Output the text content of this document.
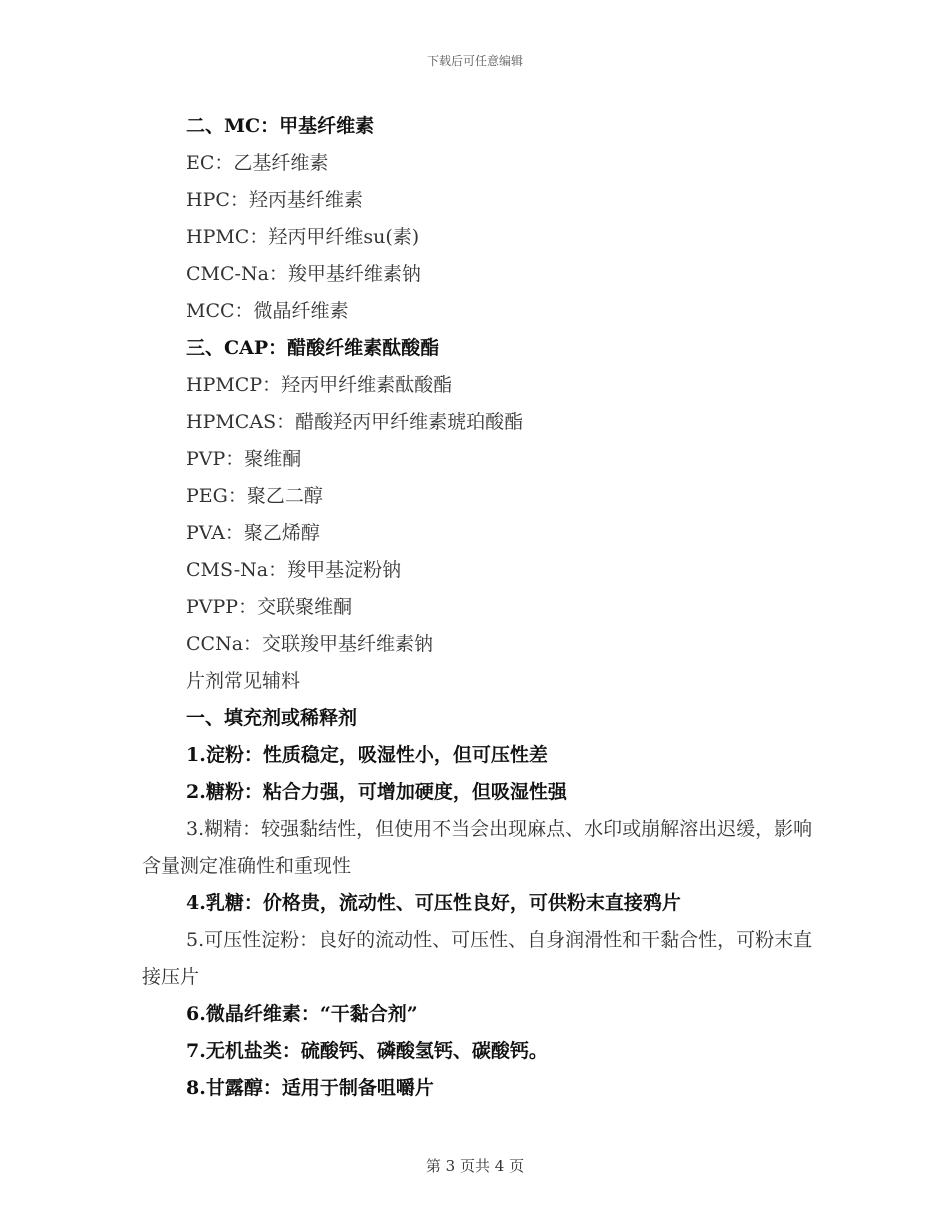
下载后可任意编辑
二、MC：甲基纤维素
EC：乙基纤维素
HPC：羟丙基纤维素
HPMC：羟丙甲纤维su(素)
CMC-Na：羧甲基纤维素钠
MCC：微晶纤维素
三、CAP：醋酸纤维素酞酸酯
HPMCP：羟丙甲纤维素酞酸酯
HPMCAS：醋酸羟丙甲纤维素琥珀酸酯
PVP：聚维酮
PEG：聚乙二醇
PVA：聚乙烯醇
CMS-Na：羧甲基淀粉钠
PVPP：交联聚维酮
CCNa：交联羧甲基纤维素钠
片剂常见辅料
一、填充剂或稀释剂
1.淀粉：性质稳定，吸湿性小，但可压性差
2.糖粉：粘合力强，可增加硬度，但吸湿性强
3.糊精：较强黏结性，但使用不当会出现麻点、水印或崩解溶出迟缓，影响含量测定准确性和重现性
4.乳糖：价格贵，流动性、可压性良好，可供粉末直接鸦片
5.可压性淀粉：良好的流动性、可压性、自身润滑性和干黏合性，可粉末直接压片
6.微晶纤维素：“干黏合剂”
7.无机盐类：硫酸钙、磷酸氢钙、碳酸钙。
8.甘露醇：适用于制备咀嚼片
第 3 页共 4 页
